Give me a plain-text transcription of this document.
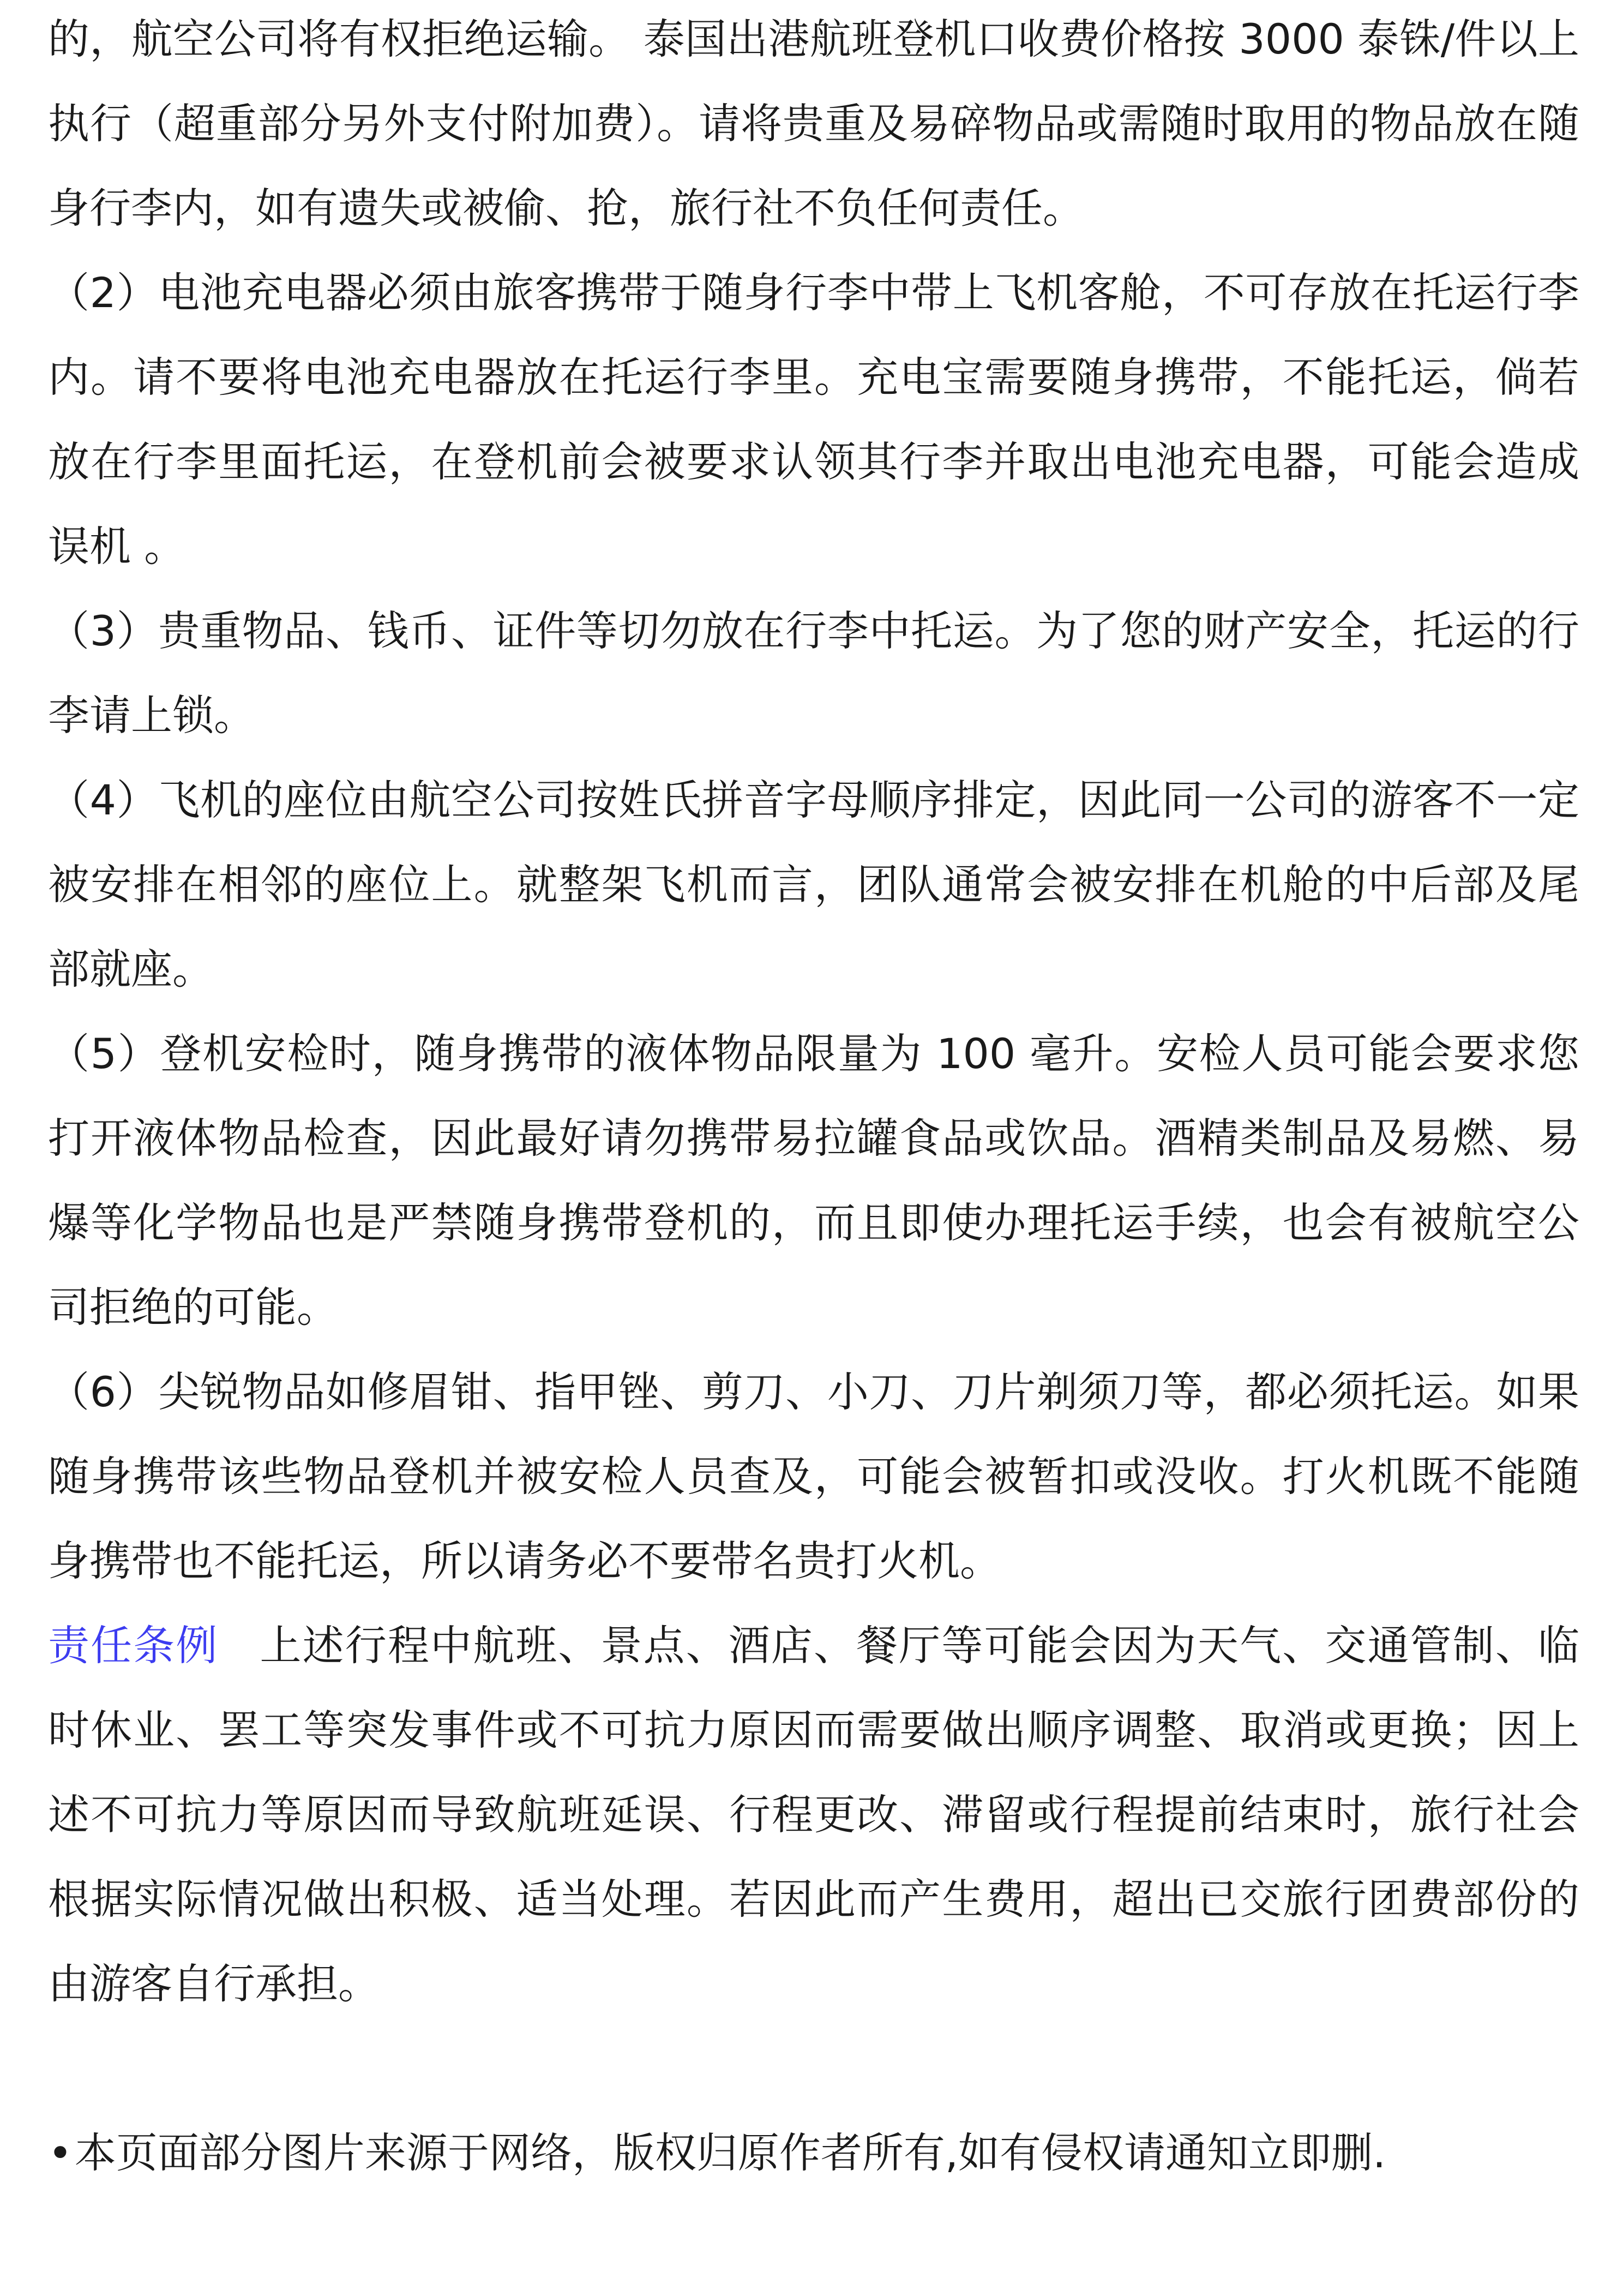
的，航空公司将有权拒绝运输。 泰国出港航班登机口收费价格按 3000 泰铢/件以上执行（超重部分另外支付附加费）。请将贵重及易碎物品或需随时取用的物品放在随身行李内，如有遗失或被偷、抢，旅行社不负任何责任。

（2）电池充电器必须由旅客携带于随身行李中带上飞机客舱，不可存放在托运行李内。请不要将电池充电器放在托运行李里。充电宝需要随身携带，不能托运，倘若放在行李里面托运，在登机前会被要求认领其行李并取出电池充电器，可能会造成误机 。

（3）贵重物品、钱币、证件等切勿放在行李中托运。为了您的财产安全，托运的行李请上锁。

（4）飞机的座位由航空公司按姓氏拼音字母顺序排定，因此同一公司的游客不一定被安排在相邻的座位上。就整架飞机而言，团队通常会被安排在机舱的中后部及尾部就座。

（5）登机安检时，随身携带的液体物品限量为 100 毫升。安检人员可能会要求您打开液体物品检查，因此最好请勿携带易拉罐食品或饮品。酒精类制品及易燃、易爆等化学物品也是严禁随身携带登机的，而且即使办理托运手续，也会有被航空公司拒绝的可能。

（6）尖锐物品如修眉钳、指甲锉、剪刀、小刀、刀片剃须刀等，都必须托运。如果随身携带该些物品登机并被安检人员查及，可能会被暂扣或没收。打火机既不能随身携带也不能托运，所以请务必不要带名贵打火机。

责任条例 上述行程中航班、景点、酒店、餐厅等可能会因为天气、交通管制、临时休业、罢工等突发事件或不可抗力原因而需要做出顺序调整、取消或更换；因上述不可抗力等原因而导致航班延误、行程更改、滞留或行程提前结束时，旅行社会根据实际情况做出积极、适当处理。若因此而产生费用，超出已交旅行团费部份的由游客自行承担。

•本页面部分图片来源于网络，版权归原作者所有,如有侵权请通知立即删.
